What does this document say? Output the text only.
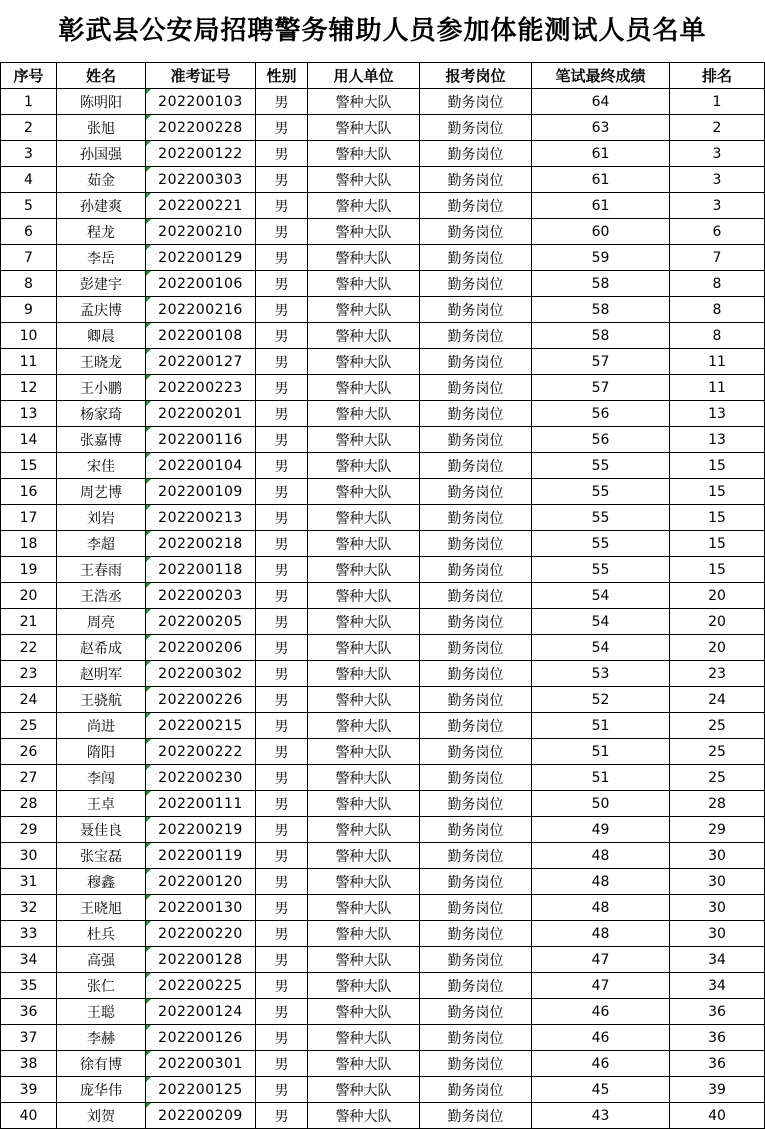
彰武县公安局招聘警务辅助人员参加体能测试人员名单
序号	姓名	准考证号	性别	用人单位	报考岗位	笔试最终成绩	排名
1	陈明阳	202200103	男	警种大队	勤务岗位	64	1
2	张旭	202200228	男	警种大队	勤务岗位	63	2
3	孙国强	202200122	男	警种大队	勤务岗位	61	3
4	茹金	202200303	男	警种大队	勤务岗位	61	3
5	孙建爽	202200221	男	警种大队	勤务岗位	61	3
6	程龙	202200210	男	警种大队	勤务岗位	60	6
7	李岳	202200129	男	警种大队	勤务岗位	59	7
8	彭建宇	202200106	男	警种大队	勤务岗位	58	8
9	孟庆博	202200216	男	警种大队	勤务岗位	58	8
10	卿晨	202200108	男	警种大队	勤务岗位	58	8
11	王晓龙	202200127	男	警种大队	勤务岗位	57	11
12	王小鹏	202200223	男	警种大队	勤务岗位	57	11
13	杨家琦	202200201	男	警种大队	勤务岗位	56	13
14	张嘉博	202200116	男	警种大队	勤务岗位	56	13
15	宋佳	202200104	男	警种大队	勤务岗位	55	15
16	周艺博	202200109	男	警种大队	勤务岗位	55	15
17	刘岩	202200213	男	警种大队	勤务岗位	55	15
18	李超	202200218	男	警种大队	勤务岗位	55	15
19	王春雨	202200118	男	警种大队	勤务岗位	55	15
20	王浩丞	202200203	男	警种大队	勤务岗位	54	20
21	周亮	202200205	男	警种大队	勤务岗位	54	20
22	赵希成	202200206	男	警种大队	勤务岗位	54	20
23	赵明军	202200302	男	警种大队	勤务岗位	53	23
24	王骁航	202200226	男	警种大队	勤务岗位	52	24
25	尚进	202200215	男	警种大队	勤务岗位	51	25
26	隋阳	202200222	男	警种大队	勤务岗位	51	25
27	李闯	202200230	男	警种大队	勤务岗位	51	25
28	王卓	202200111	男	警种大队	勤务岗位	50	28
29	聂佳良	202200219	男	警种大队	勤务岗位	49	29
30	张宝磊	202200119	男	警种大队	勤务岗位	48	30
31	穆鑫	202200120	男	警种大队	勤务岗位	48	30
32	王晓旭	202200130	男	警种大队	勤务岗位	48	30
33	杜兵	202200220	男	警种大队	勤务岗位	48	30
34	高强	202200128	男	警种大队	勤务岗位	47	34
35	张仁	202200225	男	警种大队	勤务岗位	47	34
36	王聪	202200124	男	警种大队	勤务岗位	46	36
37	李赫	202200126	男	警种大队	勤务岗位	46	36
38	徐有博	202200301	男	警种大队	勤务岗位	46	36
39	庞华伟	202200125	男	警种大队	勤务岗位	45	39
40	刘贺	202200209	男	警种大队	勤务岗位	43	40
